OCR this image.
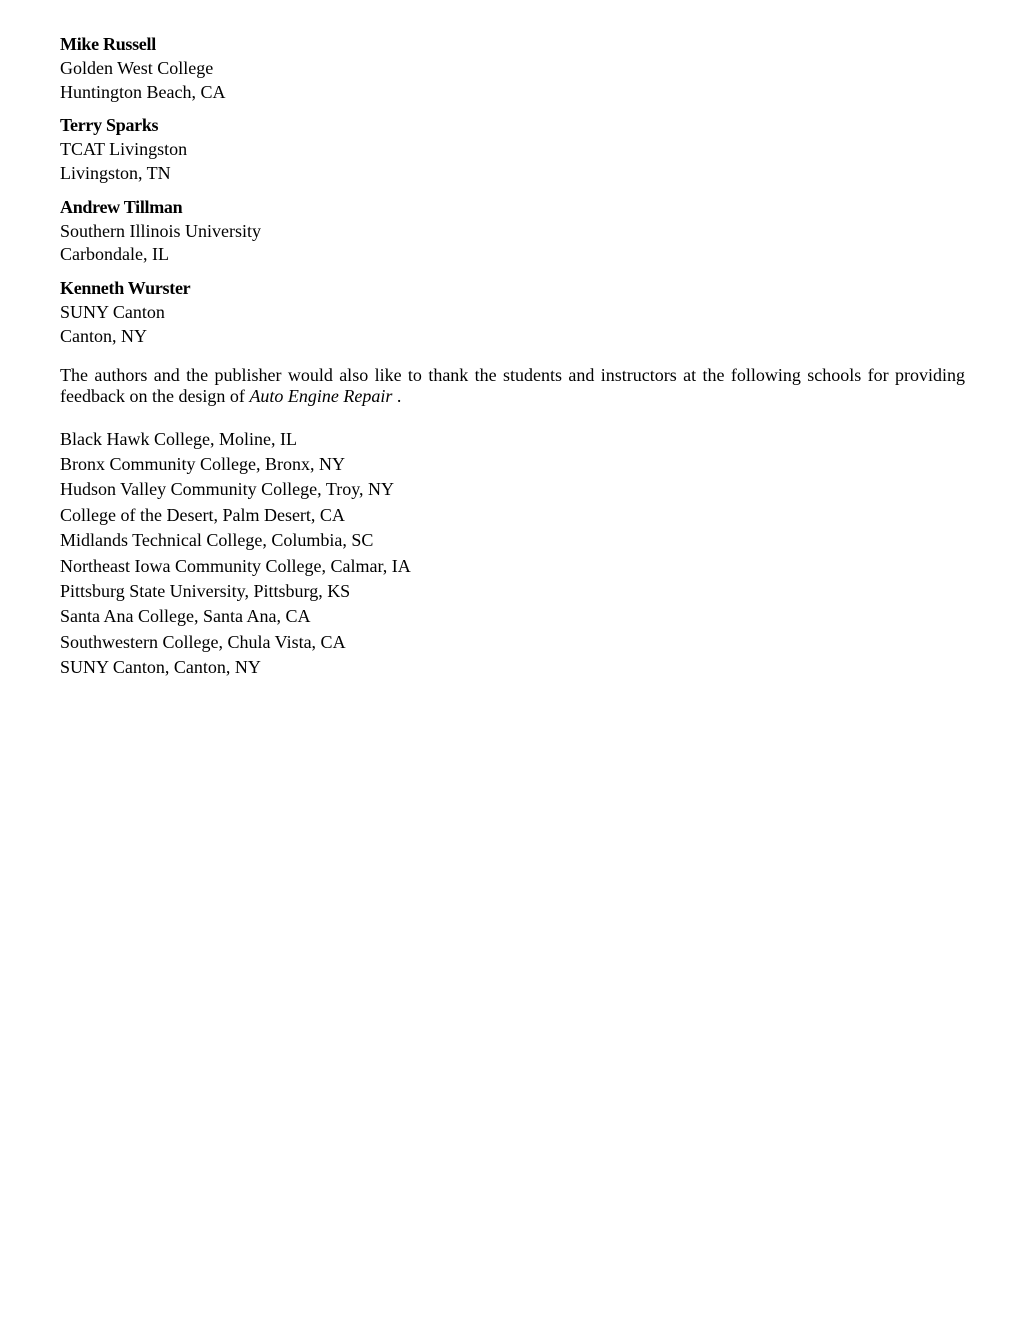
Mike Russell
Golden West College
Huntington Beach, CA
Terry Sparks
TCAT Livingston
Livingston, TN
Andrew Tillman
Southern Illinois University
Carbondale, IL
Kenneth Wurster
SUNY Canton
Canton, NY

The authors and the publisher would also like to thank the students and instructors at the following schools for providing feedback on the design of Auto Engine Repair .

Black Hawk College, Moline, IL
Bronx Community College, Bronx, NY
Hudson Valley Community College, Troy, NY
College of the Desert, Palm Desert, CA
Midlands Technical College, Columbia, SC
Northeast Iowa Community College, Calmar, IA
Pittsburg State University, Pittsburg, KS
Santa Ana College, Santa Ana, CA
Southwestern College, Chula Vista, CA
SUNY Canton, Canton, NY
